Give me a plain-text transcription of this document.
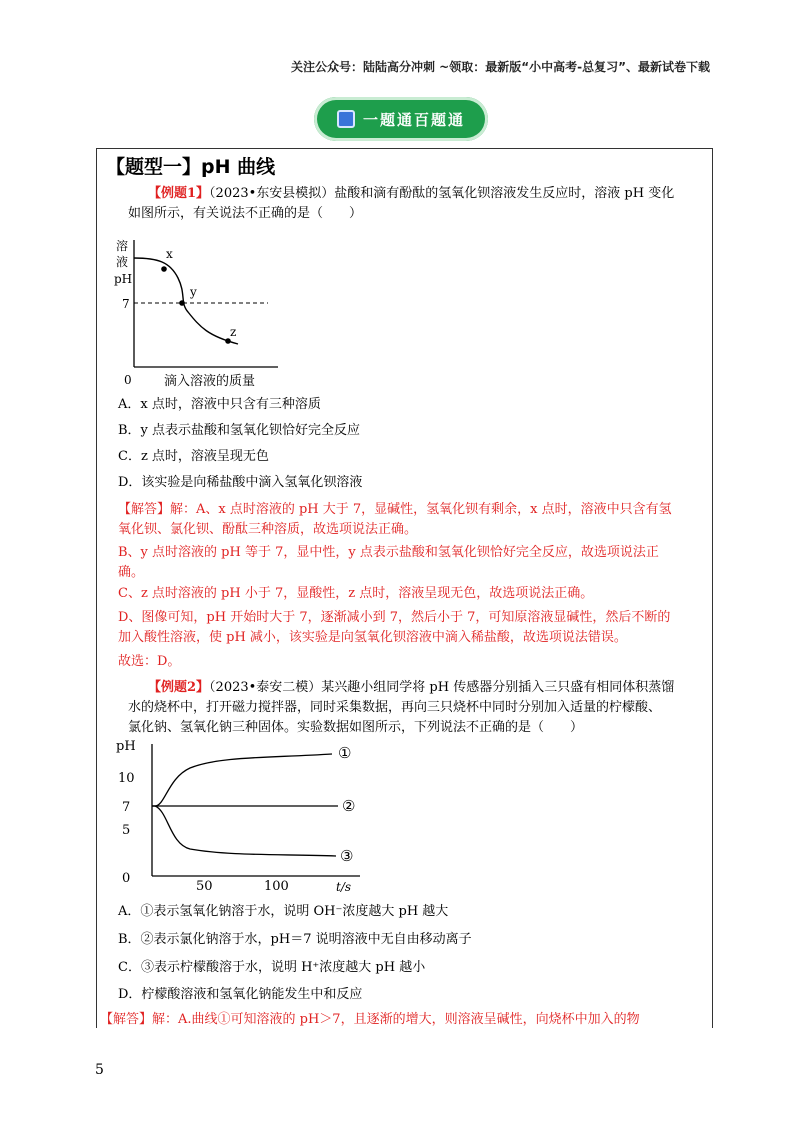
关注公众号：陆陆高分冲刺 ~领取：最新版“小中高考-总复习”、最新试卷下载
一题通百题通
【题型一】pH 曲线
【例题1】（2023•东安县模拟）盐酸和滴有酚酞的氢氧化钡溶液发生反应时，溶液 pH 变化
如图所示，有关说法不正确的是（　　）
x
y
z
溶
液
pH
7
0 滴入溶液的质量
A．x 点时，溶液中只含有三种溶质
B．y 点表示盐酸和氢氧化钡恰好完全反应
C．z 点时，溶液呈现无色
D．该实验是向稀盐酸中滴入氢氧化钡溶液
【解答】解：A、x 点时溶液的 pH 大于 7，显碱性，氢氧化钡有剩余，x 点时，溶液中只含有氢
氧化钡、氯化钡、酚酞三种溶质，故选项说法正确。
B、y 点时溶液的 pH 等于 7，显中性，y 点表示盐酸和氢氧化钡恰好完全反应，故选项说法正
确。
C、z 点时溶液的 pH 小于 7，显酸性，z 点时，溶液呈现无色，故选项说法正确。
D、图像可知，pH 开始时大于 7，逐渐减小到 7，然后小于 7，可知原溶液显碱性，然后不断的
加入酸性溶液，使 pH 减小，该实验是向氢氧化钡溶液中滴入稀盐酸，故选项说法错误。
故选：D。
【例题2】（2023•泰安二模）某兴趣小组同学将 pH 传感器分别插入三只盛有相同体积蒸馏
水的烧杯中，打开磁力搅拌器，同时采集数据，再向三只烧杯中同时分别加入适量的柠檬酸、
氯化钠、氢氧化钠三种固体。实验数据如图所示，下列说法不正确的是（　　）
pH
10
7
5
0
50	100	t/s
①
②
③
A．①表示氢氧化钠溶于水，说明 OH⁻浓度越大 pH 越大
B．②表示氯化钠溶于水，pH＝7 说明溶液中无自由移动离子
C．③表示柠檬酸溶于水，说明 H⁺浓度越大 pH 越小
D．柠檬酸溶液和氢氧化钠能发生中和反应
【解答】解：A.曲线①可知溶液的 pH＞7，且逐渐的增大，则溶液呈碱性，向烧杯中加入的物
5
